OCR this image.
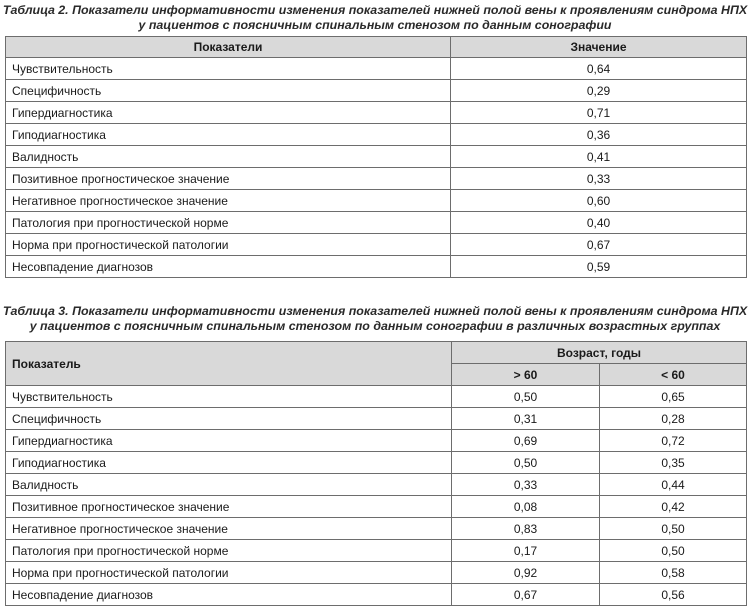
Таблица 2. Показатели информативности изменения показателей нижней полой вены к проявлениям синдрома НПХ
у пациентов с поясничным спинальным стенозом по данным сонографии
Показатели	Значение
Чувствительность	0,64
Специфичность	0,29
Гипердиагностика	0,71
Гиподиагностика	0,36
Валидность	0,41
Позитивное прогностическое значение	0,33
Негативное прогностическое значение	0,60
Патология при прогностической норме	0,40
Норма при прогностической патологии	0,67
Несовпадение диагнозов	0,59
Таблица 3. Показатели информативности изменения показателей нижней полой вены к проявлениям синдрома НПХ
у пациентов с поясничным спинальным стенозом по данным сонографии в различных возрастных группах
Показатель	Возраст, годы	
	> 60	< 60
Чувствительность	0,50	0,65
Специфичность	0,31	0,28
Гипердиагностика	0,69	0,72
Гиподиагностика	0,50	0,35
Валидность	0,33	0,44
Позитивное прогностическое значение	0,08	0,42
Негативное прогностическое значение	0,83	0,50
Патология при прогностической норме	0,17	0,50
Норма при прогностической патологии	0,92	0,58
Несовпадение диагнозов	0,67	0,56
